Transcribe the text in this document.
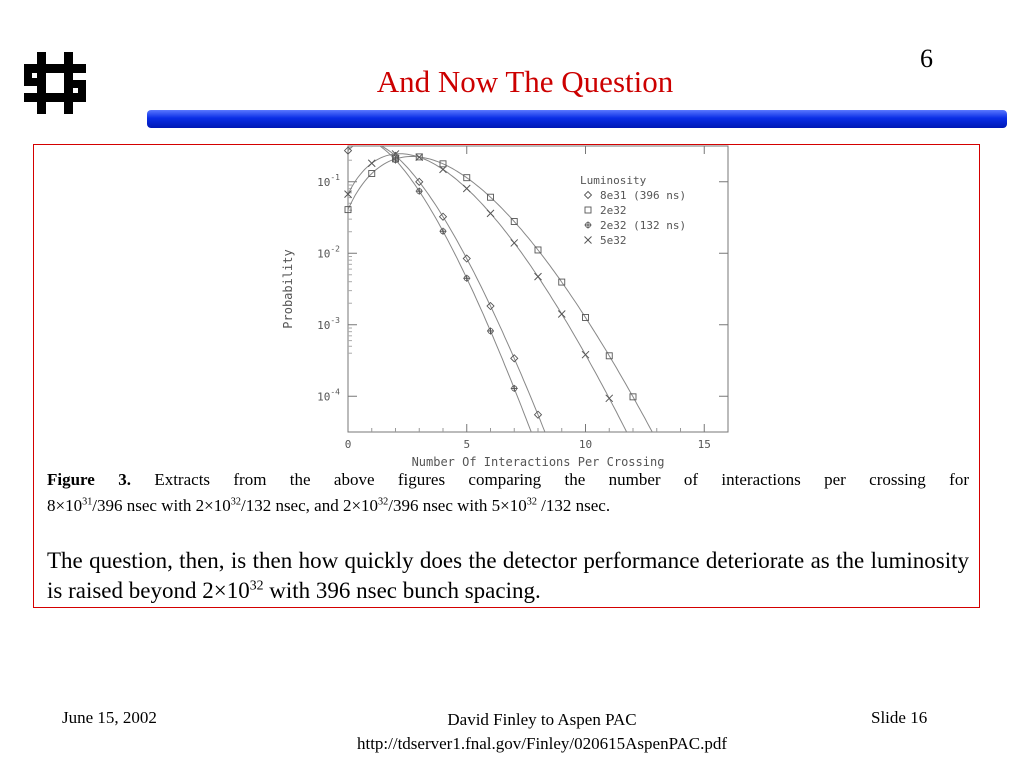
6
And Now The Question
0	5	10	15
$10^{-1}$
$10^{-2}$
$10^{-3}$
$10^{-4}$
Number Of Interactions Per Crossing
Probability
Luminosity
8e31 (396 ns)
2e32
2e32 (132 ns)
5e32
Figure 3. Extracts from the above figures comparing the number of interactions per crossing for
$8\times 10^{31}/396$ nsec with $2\times 10^{32}/132$ nsec, and $2\times 10^{32}/396$ nsec with $5\times 10^{32}$ /132 nsec.
The question, then, is then how quickly does the detector performance deteriorate as the luminosity is raised beyond $2\times 10^{32}$ with 396 nsec bunch spacing.
June 15, 2002	David Finley to Aspen PAC
http://tdserver1.fnal.gov/Finley/020615AspenPAC.pdf
Slide 16
